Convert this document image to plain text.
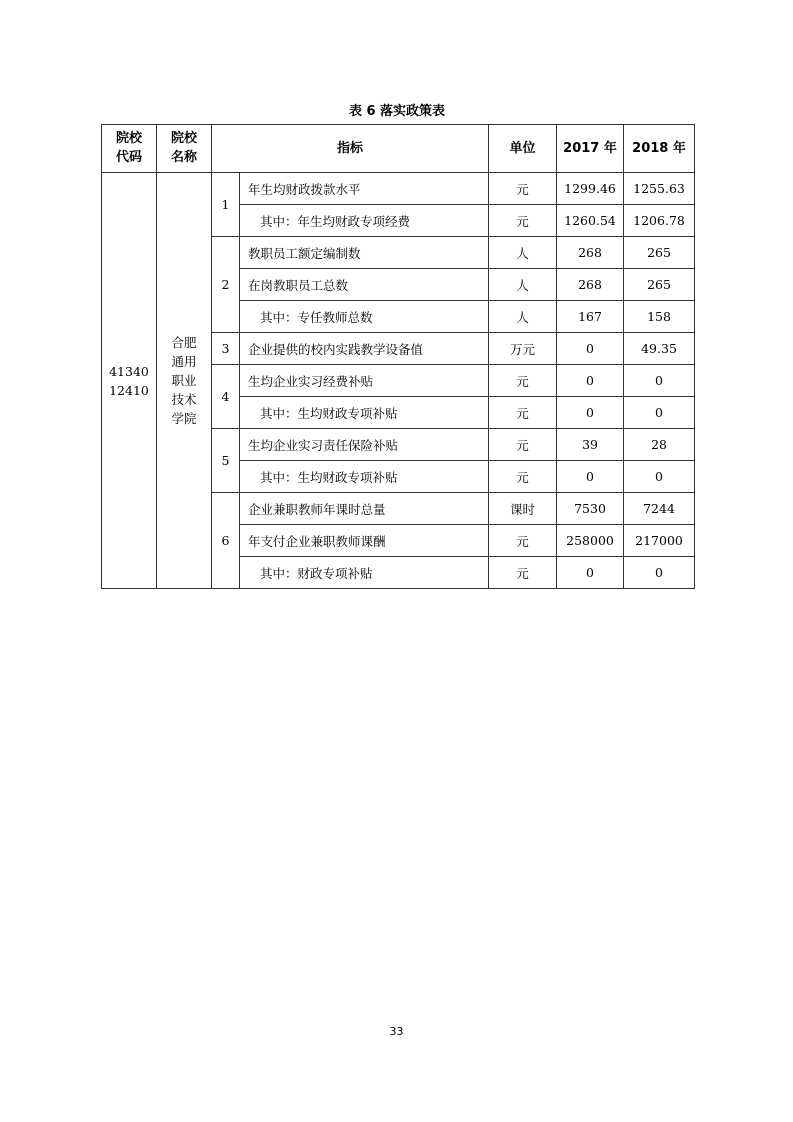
表 6 落实政策表
院校代码	院校名称	指标		单位	2017 年	2018 年

41340
12410	合肥通用职业技术学院	1	年生均财政拨款水平	元	1299.46	1255.63
			其中：年生均财政专项经费	元	1260.54	1206.78
		2	教职员工额定编制数	人	268	265
			在岗教职员工总数	人	268	265
			其中：专任教师总数	人	167	158
		3	企业提供的校内实践教学设备值	万元	0	49.35
		4	生均企业实习经费补贴	元	0	0
			其中：生均财政专项补贴	元	0	0
		5	生均企业实习责任保险补贴	元	39	28
			其中：生均财政专项补贴	元	0	0
		6	企业兼职教师年课时总量	课时	7530	7244
			年支付企业兼职教师课酬	元	258000	217000
			其中：财政专项补贴	元	0	0
33
